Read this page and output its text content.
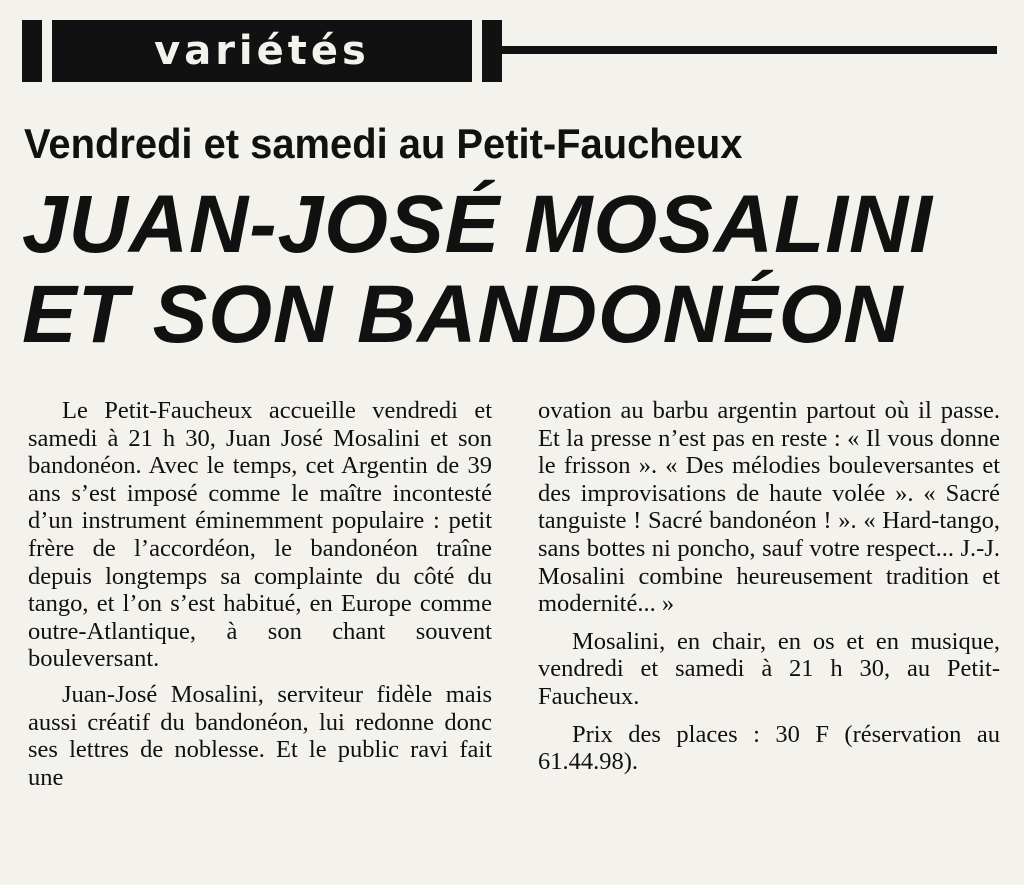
variétés
Vendredi et samedi au Petit-Faucheux
JUAN-JOSÉ MOSALINI
ET SON BANDONÉON

Le Petit-Faucheux accueille vendredi et samedi à 21 h 30, Juan José Mosalini et son bandonéon. Avec le temps, cet Argentin de 39 ans s’est imposé comme le maître incontesté d’un instrument éminemment populaire : petit frère de l’accordéon, le bandonéon traîne depuis longtemps sa complainte du côté du tango, et l’on s’est habitué, en Europe comme outre-Atlantique, à son chant souvent bouleversant.

Juan-José Mosalini, serviteur fidèle mais aussi créatif du bandonéon, lui redonne donc ses lettres de noblesse. Et le public ravi fait une

ovation au barbu argentin partout où il passe. Et la presse n’est pas en reste : « Il vous donne le frisson ». « Des mélodies bouleversantes et des improvisations de haute volée ». « Sacré tanguiste ! Sacré bandonéon ! ». « Hard-tango, sans bottes ni poncho, sauf votre respect... J.-J. Mosalini combine heureusement tradition et modernité... »

Mosalini, en chair, en os et en musique, vendredi et samedi à 21 h 30, au Petit-Faucheux.

Prix des places : 30 F (réservation au 61.44.98).
